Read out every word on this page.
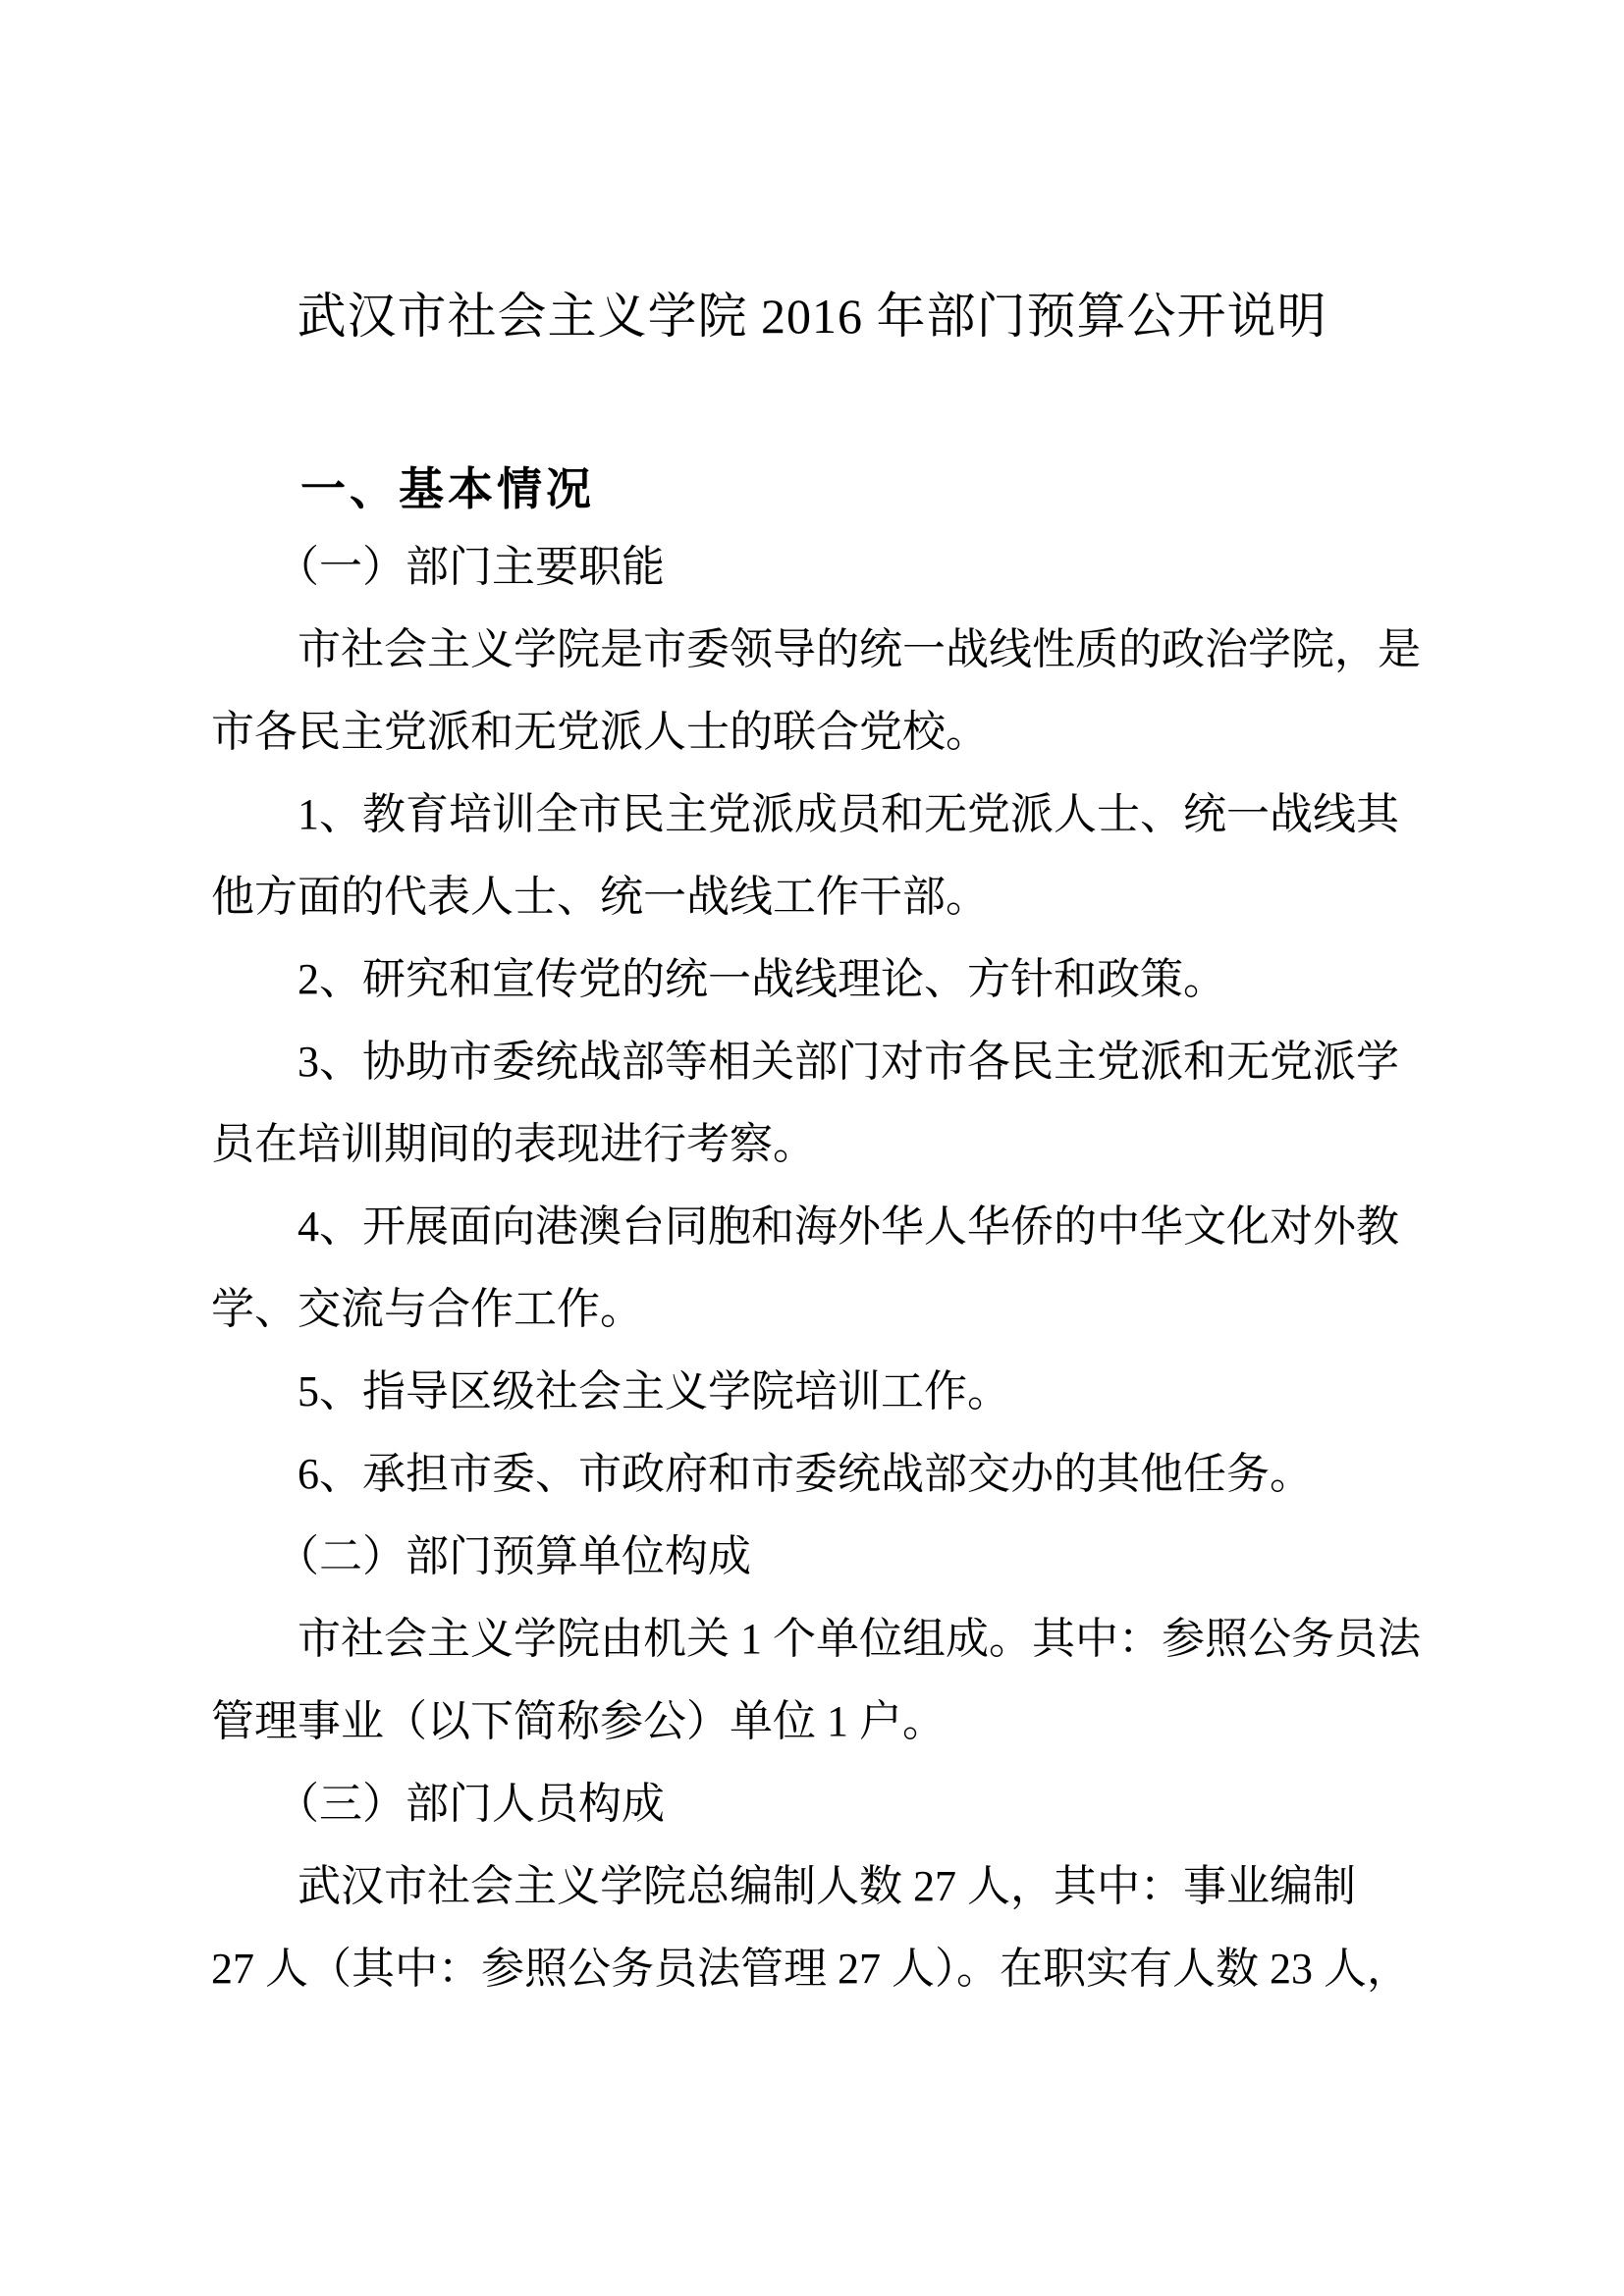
武汉市社会主义学院 2016 年部门预算公开说明
一、基本情况
　　（一）部门主要职能
　　市社会主义学院是市委领导的统一战线性质的政治学院，是
市各民主党派和无党派人士的联合党校。
　　1、教育培训全市民主党派成员和无党派人士、统一战线其
他方面的代表人士、统一战线工作干部。
　　2、研究和宣传党的统一战线理论、方针和政策。
　　3、协助市委统战部等相关部门对市各民主党派和无党派学
员在培训期间的表现进行考察。
　　4、开展面向港澳台同胞和海外华人华侨的中华文化对外教
学、交流与合作工作。
　　5、指导区级社会主义学院培训工作。
　　6、承担市委、市政府和市委统战部交办的其他任务。
　　（二）部门预算单位构成
　　市社会主义学院由机关 1 个单位组成。其中：参照公务员法
管理事业（以下简称参公）单位 1 户。
　　（三）部门人员构成
　　武汉市社会主义学院总编制人数 27 人，其中：事业编制
27 人（其中：参照公务员法管理 27 人）。在职实有人数 23 人，
